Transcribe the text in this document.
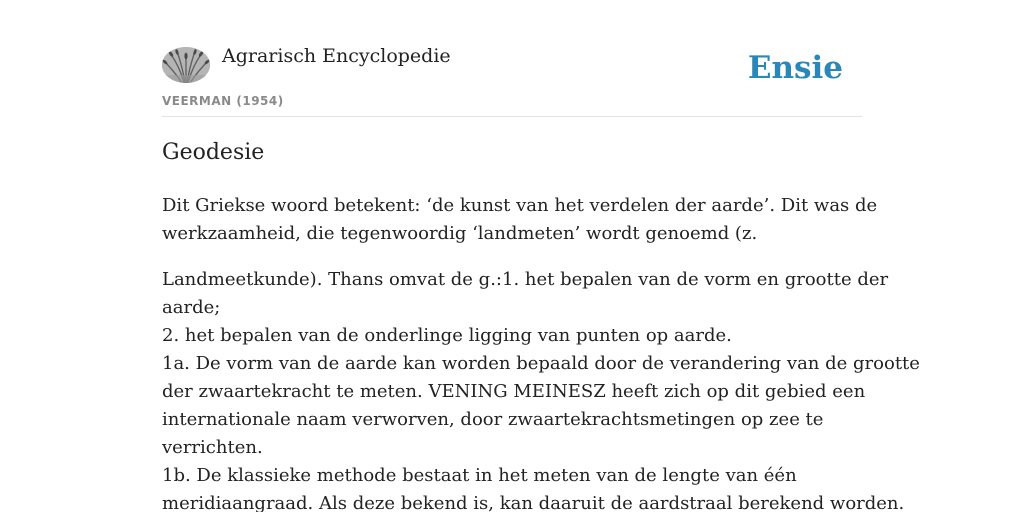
Agrarisch Encyclopedie
VEERMAN (1954)
Ensie
Geodesie

Dit Griekse woord betekent: ‘de kunst van het verdelen der aarde’. Dit was de
werkzaamheid, die tegenwoordig ‘landmeten’ wordt genoemd (z.

Landmeetkunde). Thans omvat de g.:1. het bepalen van de vorm en grootte der
aarde;
2. het bepalen van de onderlinge ligging van punten op aarde.
1a. De vorm van de aarde kan worden bepaald door de verandering van de grootte
der zwaartekracht te meten. VENING MEINESZ heeft zich op dit gebied een
internationale naam verworven, door zwaartekrachtsmetingen op zee te
verrichten.
1b. De klassieke methode bestaat in het meten van de lengte van één
meridiaangraad. Als deze bekend is, kan daaruit de aardstraal berekend worden.
